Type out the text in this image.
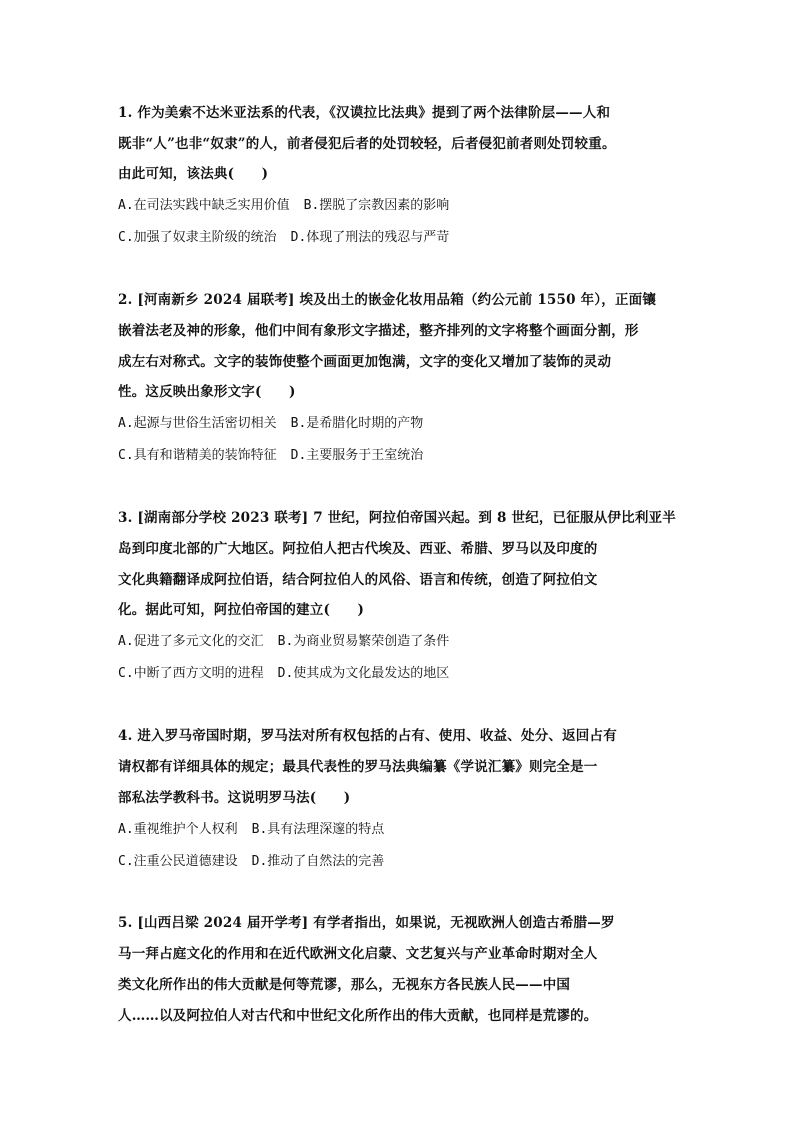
1. 作为美索不达米亚法系的代表，《汉谟拉比法典》提到了两个法律阶层——人和
既非“人”也非“奴隶”的人，前者侵犯后者的处罚较轻，后者侵犯前者则处罚较重。
由此可知，该法典(　　)
A.在司法实践中缺乏实用价值 B.摆脱了宗教因素的影响
C.加强了奴隶主阶级的统治 D.体现了刑法的残忍与严苛
2. [河南新乡 2024 届联考] 埃及出土的嵌金化妆用品箱（约公元前 1550 年），正面镶
嵌着法老及神的形象，他们中间有象形文字描述，整齐排列的文字将整个画面分割，形
成左右对称式。文字的装饰使整个画面更加饱满，文字的变化又增加了装饰的灵动
性。这反映出象形文字(　　)
A.起源与世俗生活密切相关 B.是希腊化时期的产物
C.具有和谐精美的装饰特征 D.主要服务于王室统治
3. [湖南部分学校 2023 联考] 7 世纪，阿拉伯帝国兴起。到 8 世纪，已征服从伊比利亚半
岛到印度北部的广大地区。阿拉伯人把古代埃及、西亚、希腊、罗马以及印度的
文化典籍翻译成阿拉伯语，结合阿拉伯人的风俗、语言和传统，创造了阿拉伯文
化。据此可知，阿拉伯帝国的建立(　　)
A.促进了多元文化的交汇 B.为商业贸易繁荣创造了条件
C.中断了西方文明的进程 D.使其成为文化最发达的地区
4. 进入罗马帝国时期，罗马法对所有权包括的占有、使用、收益、处分、返回占有
请权都有详细具体的规定；最具代表性的罗马法典编纂《学说汇纂》则完全是一
部私法学教科书。这说明罗马法(　　)
A.重视维护个人权利 B.具有法理深邃的特点
C.注重公民道德建设 D.推动了自然法的完善
5. [山西吕梁 2024 届开学考] 有学者指出，如果说，无视欧洲人创造古希腊—罗
马一拜占庭文化的作用和在近代欧洲文化启蒙、文艺复兴与产业革命时期对全人
类文化所作出的伟大贡献是何等荒谬，那么，无视东方各民族人民——中国
人……以及阿拉伯人对古代和中世纪文化所作出的伟大贡献，也同样是荒谬的。
